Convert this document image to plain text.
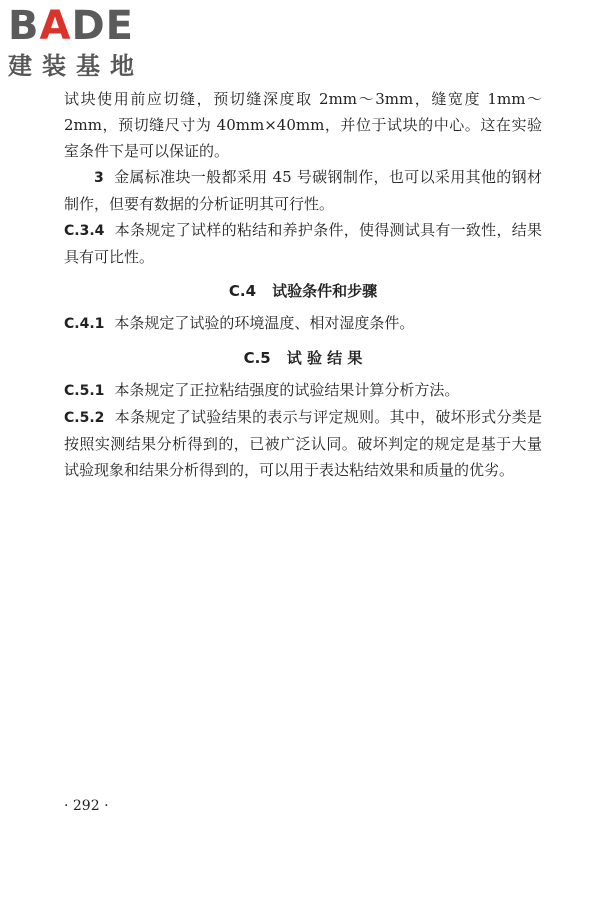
BADE
建装基地

试块使用前应切缝，预切缝深度取 2mm～3mm，缝宽度 1mm～2mm，预切缝尺寸为 40mm×40mm，并位于试块的中心。这在实验室条件下是可以保证的。

3 金属标准块一般都采用 45 号碳钢制作，也可以采用其他的钢材制作，但要有数据的分析证明其可行性。

C.3.4 本条规定了试样的粘结和养护条件，使得测试具有一致性，结果具有可比性。

C.4 试验条件和步骤

C.4.1 本条规定了试验的环境温度、相对湿度条件。

C.5 试 验 结 果

C.5.1 本条规定了正拉粘结强度的试验结果计算分析方法。

C.5.2 本条规定了试验结果的表示与评定规则。其中，破坏形式分类是按照实测结果分析得到的，已被广泛认同。破坏判定的规定是基于大量试验现象和结果分析得到的，可以用于表达粘结效果和质量的优劣。

· 292 ·
